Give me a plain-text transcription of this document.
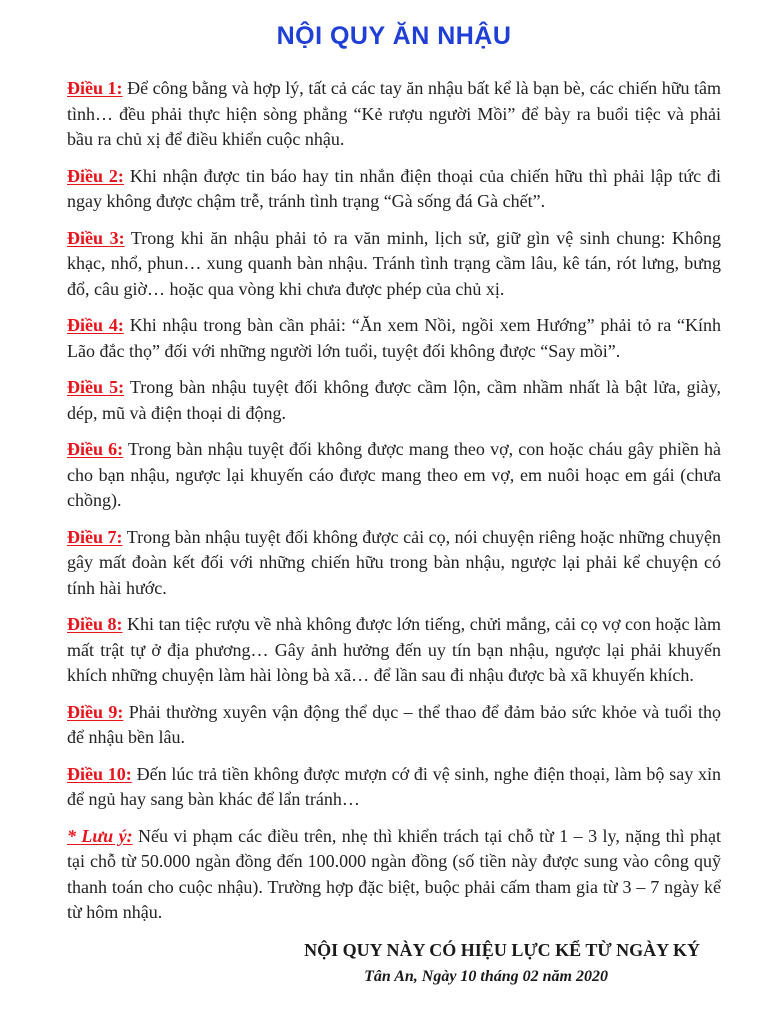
NỘI QUY ĂN NHẬU

Điều 1: Để công bằng và hợp lý, tất cả các tay ăn nhậu bất kể là bạn bè, các chiến hữu tâm tình… đều phải thực hiện sòng phẳng “Kẻ rượu người Mồi” để bày ra buổi tiệc và phải bầu ra chủ xị để điều khiển cuộc nhậu.

Điều 2: Khi nhận được tin báo hay tin nhắn điện thoại của chiến hữu thì phải lập tức đi ngay không được chậm trễ, tránh tình trạng “Gà sống đá Gà chết”.

Điều 3: Trong khi ăn nhậu phải tỏ ra văn minh, lịch sử, giữ gìn vệ sinh chung: Không khạc, nhổ, phun… xung quanh bàn nhậu. Tránh tình trạng cầm lâu, kê tán, rót lưng, bưng đổ, câu giờ… hoặc qua vòng khi chưa được phép của chủ xị.

Điều 4: Khi nhậu trong bàn cần phải: “Ăn xem Nồi, ngồi xem Hướng” phải tỏ ra “Kính Lão đắc thọ” đối với những người lớn tuổi, tuyệt đối không được “Say mồi”.

Điều 5: Trong bàn nhậu tuyệt đối không được cầm lộn, cầm nhầm nhất là bật lửa, giày, dép, mũ và điện thoại di động.

Điều 6: Trong bàn nhậu tuyệt đối không được mang theo vợ, con hoặc cháu gây phiền hà cho bạn nhậu, ngược lại khuyến cáo được mang theo em vợ, em nuôi hoạc em gái (chưa chồng).

Điều 7: Trong bàn nhậu tuyệt đối không được cải cọ, nói chuyện riêng hoặc những chuyện gây mất đoàn kết đối với những chiến hữu trong bàn nhậu, ngược lại phải kể chuyện có tính hài hước.

Điều 8: Khi tan tiệc rượu về nhà không được lớn tiếng, chửi mắng, cải cọ vợ con hoặc làm mất trật tự ở địa phương… Gây ảnh hưởng đến uy tín bạn nhậu, ngược lại phải khuyến khích những chuyện làm hài lòng bà xã… để lần sau đi nhậu được bà xã khuyến khích.

Điều 9: Phải thường xuyên vận động thể dục – thể thao để đảm bảo sức khỏe và tuổi thọ để nhậu bền lâu.

Điều 10: Đến lúc trả tiền không được mượn cớ đi vệ sinh, nghe điện thoại, làm bộ say xỉn để ngủ hay sang bàn khác để lẩn tránh…

* Lưu ý: Nếu vi phạm các điều trên, nhẹ thì khiển trách tại chỗ từ 1 – 3 ly, nặng thì phạt tại chỗ từ 50.000 ngàn đồng đến 100.000 ngàn đồng (số tiền này được sung vào công quỹ thanh toán cho cuộc nhậu). Trường hợp đặc biệt, buộc phải cấm tham gia từ 3 – 7 ngày kể từ hôm nhậu.

NỘI QUY NÀY CÓ HIỆU LỰC KỂ TỪ NGÀY KÝ
Tân An, Ngày 10 tháng 02 năm 2020
